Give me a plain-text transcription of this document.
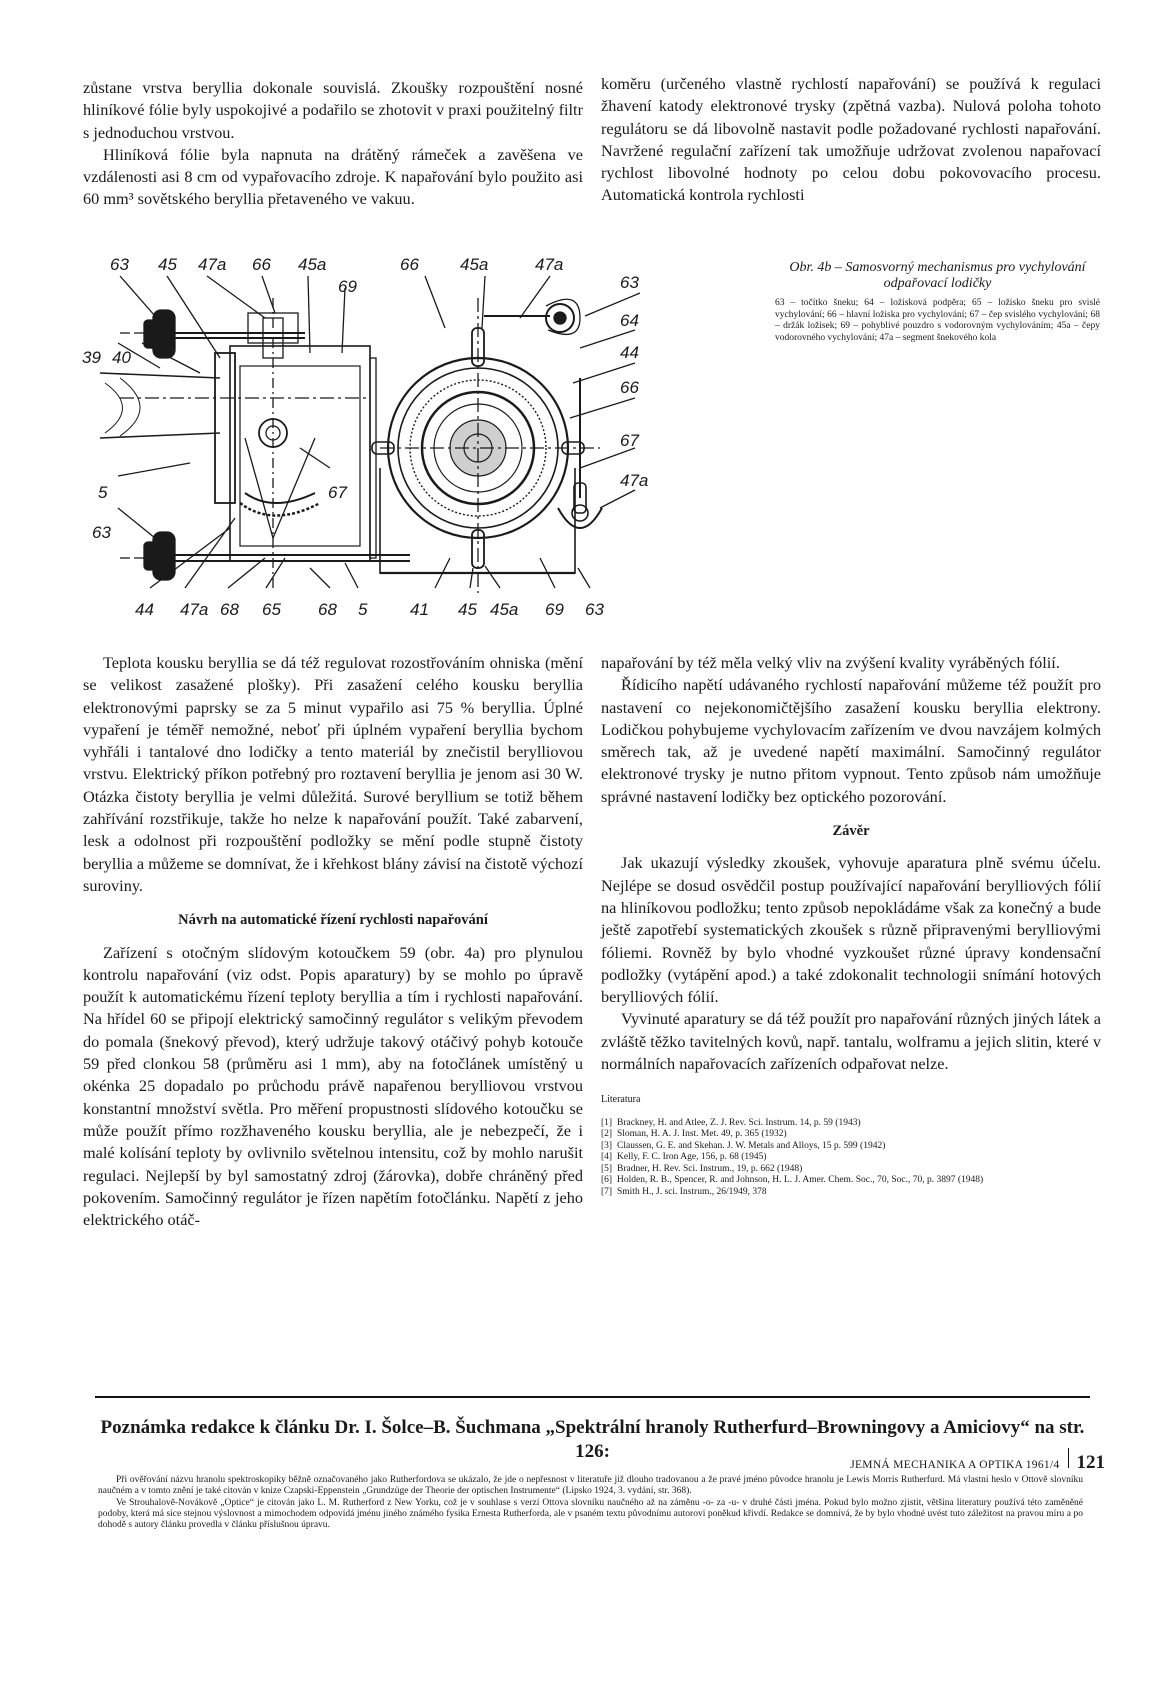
zůstane vrstva beryllia dokonale souvislá. Zkoušky rozpouštění nosné hliníkové fólie byly uspokojivé a podařilo se zhotovit v praxi použitelný filtr s jednoduchou vrstvou.

Hliníková fólie byla napnuta na drátěný rámeček a zavěšena ve vzdálenosti asi 8 cm od vypařovacího zdroje. K napařování bylo použito asi 60 mm³ sovětského beryllia přetaveného ve vakuu.

koměru (určeného vlastně rychlostí napařování) se používá k regulaci žhavení katody elektronové trysky (zpětná vazba). Nulová poloha tohoto regulátoru se dá libovolně nastavit podle požadované rychlosti napařování. Navržené regulační zařízení tak umožňuje udržovat zvolenou napařovací rychlost libovolné hodnoty po celou dobu pokovovacího procesu. Automatická kontrola rychlosti

63 45 47a 66 45a
69
39 40
5
63
67
44 47a 68 65 68 5
66 45a	47a
63
64
44
66
67
47a
41 45 45a 69 63
Obr. 4b – Samosvorný mechanismus pro vychylování odpařovací lodičky
63 – točítko šneku; 64 – ložisková podpěra; 65 – ložisko šneku pro svislé vychylování; 66 – hlavní ložiska pro vychylování; 67 – čep svislého vychylování; 68 – držák ložisek; 69 – pohyblivé pouzdro s vodorovným vychylováním; 45a – čepy vodorovného vychylování; 47a – segment šnekového kola

Teplota kousku beryllia se dá též regulovat rozostřováním ohniska (mění se velikost zasažené plošky). Při zasažení celého kousku beryllia elektronovými paprsky se za 5 minut vypařilo asi 75 % beryllia. Úplné vypaření je téměř nemožné, neboť při úplném vypaření beryllia bychom vyhřáli i tantalové dno lodičky a tento materiál by znečistil berylliovou vrstvu. Elektrický příkon potřebný pro roztavení beryllia je jenom asi 30 W. Otázka čistoty beryllia je velmi důležitá. Surové beryllium se totiž během zahřívání rozstřikuje, takže ho nelze k napařování použít. Také zabarvení, lesk a odolnost při rozpouštění podložky se mění podle stupně čistoty beryllia a můžeme se domnívat, že i křehkost blány závisí na čistotě výchozí suroviny.

Návrh na automatické řízení rychlosti napařování

Zařízení s otočným slídovým kotoučkem 59 (obr. 4a) pro plynulou kontrolu napařování (viz odst. Popis aparatury) by se mohlo po úpravě použít k automatickému řízení teploty beryllia a tím i rychlosti napařování. Na hřídel 60 se připojí elektrický samočinný regulátor s velikým převodem do pomala (šnekový převod), který udržuje takový otáčivý pohyb kotouče 59 před clonkou 58 (průměru asi 1 mm), aby na fotočlánek umístěný u okénka 25 dopadalo po průchodu právě napařenou berylliovou vrstvou konstantní množství světla. Pro měření propustnosti slídového kotoučku se může použít přímo rozžhaveného kousku beryllia, ale je nebezpečí, že i malé kolísání teploty by ovlivnilo světelnou intensitu, což by mohlo narušit regulaci. Nejlepší by byl samostatný zdroj (žárovka), dobře chráněný před pokovením. Samočinný regulátor je řízen napětím fotočlánku. Napětí z jeho elektrického otáč-

napařování by též měla velký vliv na zvýšení kvality vyráběných fólií.

Řídicího napětí udávaného rychlostí napařování můžeme též použít pro nastavení co nejekonomičtějšího zasažení kousku beryllia elektrony. Lodičkou pohybujeme vychylovacím zařízením ve dvou navzájem kolmých směrech tak, až je uvedené napětí maximální. Samočinný regulátor elektronové trysky je nutno přitom vypnout. Tento způsob nám umožňuje správné nastavení lodičky bez optického pozorování.

Závěr

Jak ukazují výsledky zkoušek, vyhovuje aparatura plně svému účelu. Nejlépe se dosud osvědčil postup používající napařování berylliových fólií na hliníkovou podložku; tento způsob nepokládáme však za konečný a bude ještě zapotřebí systematických zkoušek s různě připravenými berylliovými fóliemi. Rovněž by bylo vhodné vyzkoušet různé úpravy kondensační podložky (vytápění apod.) a také zdokonalit technologii snímání hotových berylliových fólií.

Vyvinuté aparatury se dá též použít pro napařování různých jiných látek a zvláště těžko tavitelných kovů, např. tantalu, wolframu a jejich slitin, které v normálních napařovacích zařízeních odpařovat nelze.

Literatura
[1] Brackney, H. and Atlee, Z. J. Rev. Sci. Instrum. 14, p. 59 (1943)
[2] Sloman, H. A. J. Inst. Met. 49, p. 365 (1932)
[3] Claussen, G. E. and Skehan. J. W. Metals and Alloys, 15 p. 599 (1942)
[4] Kelly, F. C. Iron Age, 156, p. 68 (1945)
[5] Bradner, H. Rev. Sci. Instrum., 19, p. 662 (1948)
[6] Holden, R. B., Spencer, R. and Johnson, H. L. J. Amer. Chem. Soc., 70, Soc., 70, p. 3897 (1948)
[7] Smith H., J. sci. Instrum., 26/1949, 378
Poznámka redakce k článku Dr. I. Šolce–B. Šuchmana „Spektrální hranoly Rutherfurd–Browningovy a Amiciovy“ na str. 126:

Při ověřování názvu hranolu spektroskopiky běžně označovaného jako Rutherfordova se ukázalo, že jde o nepřesnost v literatuře již dlouho tradovanou a že pravé jméno původce hranolu je Lewis Morris Rutherfurd. Má vlastní heslo v Ottově slovníku naučném a v tomto znění je také citován v knize Czapski-Eppenstein „Grundzüge der Theorie der optischen Instrumente“ (Lipsko 1924, 3. vydání, str. 368).

Ve Strouhalově-Novákově „Optice“ je citován jako L. M. Rutherford z New Yorku, což je v souhlase s verzí Ottova slovníku naučného až na záměnu -o- za -u- v druhé části jména. Pokud bylo možno zjistit, většina literatury používá této zaměněné podoby, která má sice stejnou výslovnost a mimochodem odpovídá jménu jiného známého fysika Ernesta Rutherforda, ale v psaném textu původnímu autorovi poněkud křivdí. Redakce se domnívá, že by bylo vhodné uvést tuto záležitost na pravou míru a po dohodě s autory článku provedla v článku příslušnou úpravu.

JEMNÁ MECHANIKA A OPTIKA 1961/4 121
